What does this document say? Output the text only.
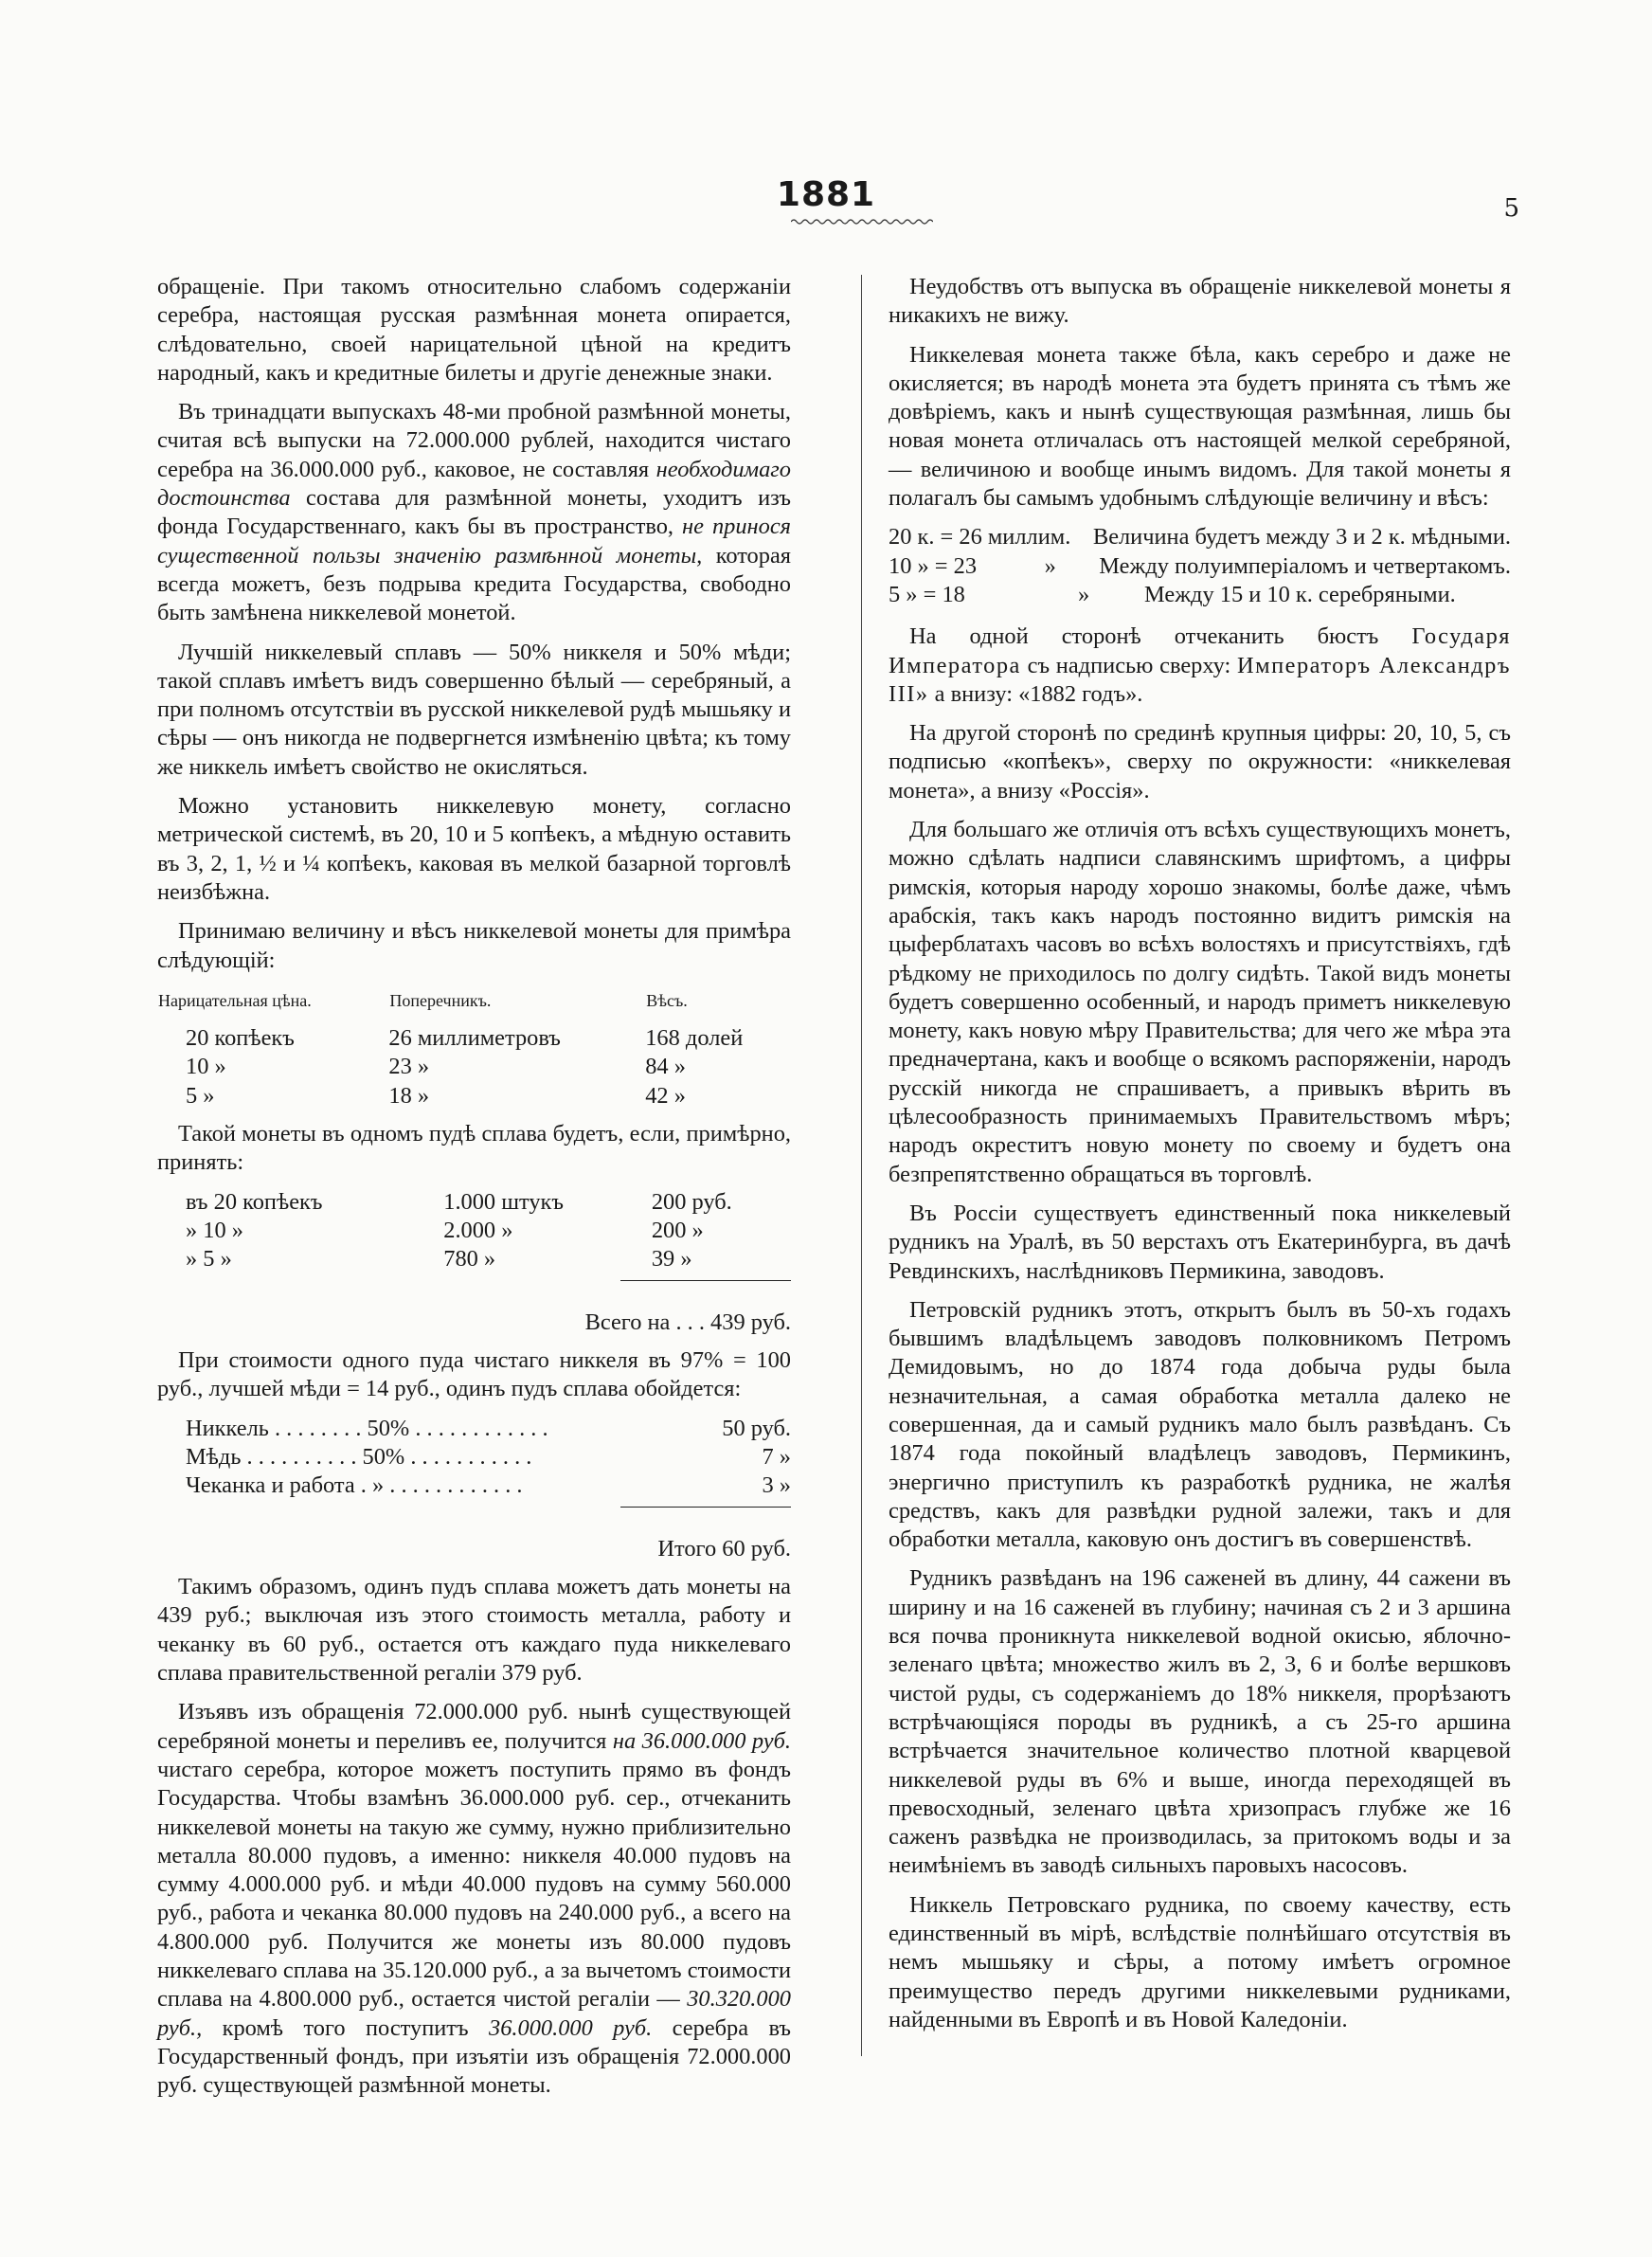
1881	5

обращеніе. При такомъ относительно слабомъ содержаніи серебра, настоящая русская размѣнная монета опирается, слѣдовательно, своей нарицательной цѣной на кредитъ народный, какъ и кредитные билеты и другіе денежные знаки.

Въ тринадцати выпускахъ 48-ми пробной размѣнной монеты, считая всѣ выпуски на 72.000.000 рублей, находится чистаго серебра на 36.000.000 руб., каковое, не составляя необходимаго достоинства состава для размѣнной монеты, уходитъ изъ фонда Государственнаго, какъ бы въ пространство, не принося существенной пользы значенію размѣнной монеты, которая всегда можетъ, безъ подрыва кредита Государства, свободно быть замѣнена никкелевой монетой.

Лучшій никкелевый сплавъ — 50% никкеля и 50% мѣди; такой сплавъ имѣетъ видъ совершенно бѣлый — серебряный, а при полномъ отсутствіи въ русской никкелевой рудѣ мышьяку и сѣры — онъ никогда не подвергнется измѣненію цвѣта; къ тому же никкель имѣетъ свойство не окисляться.

Можно установить никкелевую монету, согласно метрической системѣ, въ 20, 10 и 5 копѣекъ, а мѣдную оставить въ 3, 2, 1, ½ и ¼ копѣекъ, каковая въ мелкой базарной торговлѣ неизбѣжна.

Принимаю величину и вѣсъ никкелевой монеты для примѣра слѣдующій:

Нарицательная цѣна.	Поперечникъ.	Вѣсъ.
20 копѣекъ	26 миллиметровъ	168 долей
10 »	23 »	84 »
5 »	18 »	42 »

Такой монеты въ одномъ пудѣ сплава будетъ, если, примѣрно, принять:

въ 20 копѣекъ	1.000 штукъ	200 руб.
» 10 »	2.000 »	200 »
» 5 »	780 »	39 »

Всего на . . . 439 руб.		

При стоимости одного пуда чистаго никкеля въ 97% = 100 руб., лучшей мѣди = 14 руб., одинъ пудъ сплава обойдется:

Никкель . . . . . . . . 50% . . . . . . . . . . . .	50 руб.
Мѣдь . . . . . . . . . . 50% . . . . . . . . . . .	7 »
Чеканка и работа . » . . . . . . . . . . . .	3 »

Итого 60 руб.	

Такимъ образомъ, одинъ пудъ сплава можетъ дать монеты на 439 руб.; выключая изъ этого стоимость металла, работу и чеканку въ 60 руб., остается отъ каждаго пуда никкелеваго сплава правительственной регаліи 379 руб.

Изъявъ изъ обращенія 72.000.000 руб. нынѣ существующей серебряной монеты и переливъ ее, получится на 36.000.000 руб. чистаго серебра, которое можетъ поступить прямо въ фондъ Государства. Чтобы взамѣнъ 36.000.000 руб. сер., отчеканить никкелевой монеты на такую же сумму, нужно приблизительно металла 80.000 пудовъ, а именно: никкеля 40.000 пудовъ на сумму 4.000.000 руб. и мѣди 40.000 пудовъ на сумму 560.000 руб., работа и чеканка 80.000 пудовъ на 240.000 руб., а всего на 4.800.000 руб. Получится же монеты изъ 80.000 пудовъ никкелеваго сплава на 35.120.000 руб., а за вычетомъ стоимости сплава на 4.800.000 руб., остается чистой регаліи — 30.320.000 руб., кромѣ того поступитъ 36.000.000 руб. серебра въ Государственный фондъ, при изъятіи изъ обращенія 72.000.000 руб. существующей размѣнной монеты.

Неудобствъ отъ выпуска въ обращеніе никкелевой монеты я никакихъ не вижу.

Никкелевая монета также бѣла, какъ серебро и даже не окисляется; въ народѣ монета эта будетъ принята съ тѣмъ же довѣріемъ, какъ и нынѣ существующая размѣнная, лишь бы новая монета отличалась отъ настоящей мелкой серебряной, — величиною и вообще инымъ видомъ. Для такой монеты я полагалъ бы самымъ удобнымъ слѣдующіе величину и вѣсъ:

20 к. = 26 миллим. Величина будетъ между 3 и 2 к. мѣдными.
10 » = 23	»	Между полуимперіаломъ и четвертакомъ.
5 » = 18	»	Между 15 и 10 к. серебряными.

На одной сторонѣ отчеканить бюстъ Государя Императора съ надписью сверху: Императоръ Александръ III» а внизу: «1882 годъ».

На другой сторонѣ по срединѣ крупныя цифры: 20, 10, 5, съ подписью «копѣекъ», сверху по окружности: «никкелевая монета», а внизу «Россія».

Для большаго же отличія отъ всѣхъ существующихъ монетъ, можно сдѣлать надписи славянскимъ шрифтомъ, а цифры римскія, которыя народу хорошо знакомы, болѣе даже, чѣмъ арабскія, такъ какъ народъ постоянно видитъ римскія на цыферблатахъ часовъ во всѣхъ волостяхъ и присутствіяхъ, гдѣ рѣдкому не приходилось по долгу сидѣть. Такой видъ монеты будетъ совершенно особенный, и народъ приметъ никкелевую монету, какъ новую мѣру Правительства; для чего же мѣра эта предначертана, какъ и вообще о всякомъ распоряженіи, народъ русскій никогда не спрашиваетъ, а привыкъ вѣрить въ цѣлесообразность принимаемыхъ Правительствомъ мѣръ; народъ окреститъ новую монету по своему и будетъ она безпрепятственно обращаться въ торговлѣ.

Въ Россіи существуетъ единственный пока никкелевый рудникъ на Уралѣ, въ 50 верстахъ отъ Екатеринбурга, въ дачѣ Ревдинскихъ, наслѣдниковъ Пермикина, заводовъ.

Петровскій рудникъ этотъ, открытъ былъ въ 50-хъ годахъ бывшимъ владѣльцемъ заводовъ полковникомъ Петромъ Демидовымъ, но до 1874 года добыча руды была незначительная, а самая обработка металла далеко не совершенная, да и самый рудникъ мало былъ развѣданъ. Съ 1874 года покойный владѣлецъ заводовъ, Пермикинъ, энергично приступилъ къ разработкѣ рудника, не жалѣя средствъ, какъ для развѣдки рудной залежи, такъ и для обработки металла, каковую онъ достигъ въ совершенствѣ.

Рудникъ развѣданъ на 196 саженей въ длину, 44 сажени въ ширину и на 16 саженей въ глубину; начиная съ 2 и 3 аршина вся почва проникнута никкелевой водной окисью, яблочно-зеленаго цвѣта; множество жилъ въ 2, 3, 6 и болѣе вершковъ чистой руды, съ содержаніемъ до 18% никкеля, прорѣзаютъ встрѣчающіяся породы въ рудникѣ, а съ 25-го аршина встрѣчается значительное количество плотной кварцевой никкелевой руды въ 6% и выше, иногда переходящей въ превосходный, зеленаго цвѣта хризопрасъ глубже же 16 саженъ развѣдка не производилась, за притокомъ воды и за неимѣніемъ въ заводѣ сильныхъ паровыхъ насосовъ.

Никкель Петровскаго рудника, по своему качеству, есть единственный въ мірѣ, вслѣдствіе полнѣйшаго отсутствія въ немъ мышьяку и сѣры, а потому имѣетъ огромное преимущество передъ другими никкелевыми рудниками, найденными въ Европѣ и въ Новой Каледоніи.
